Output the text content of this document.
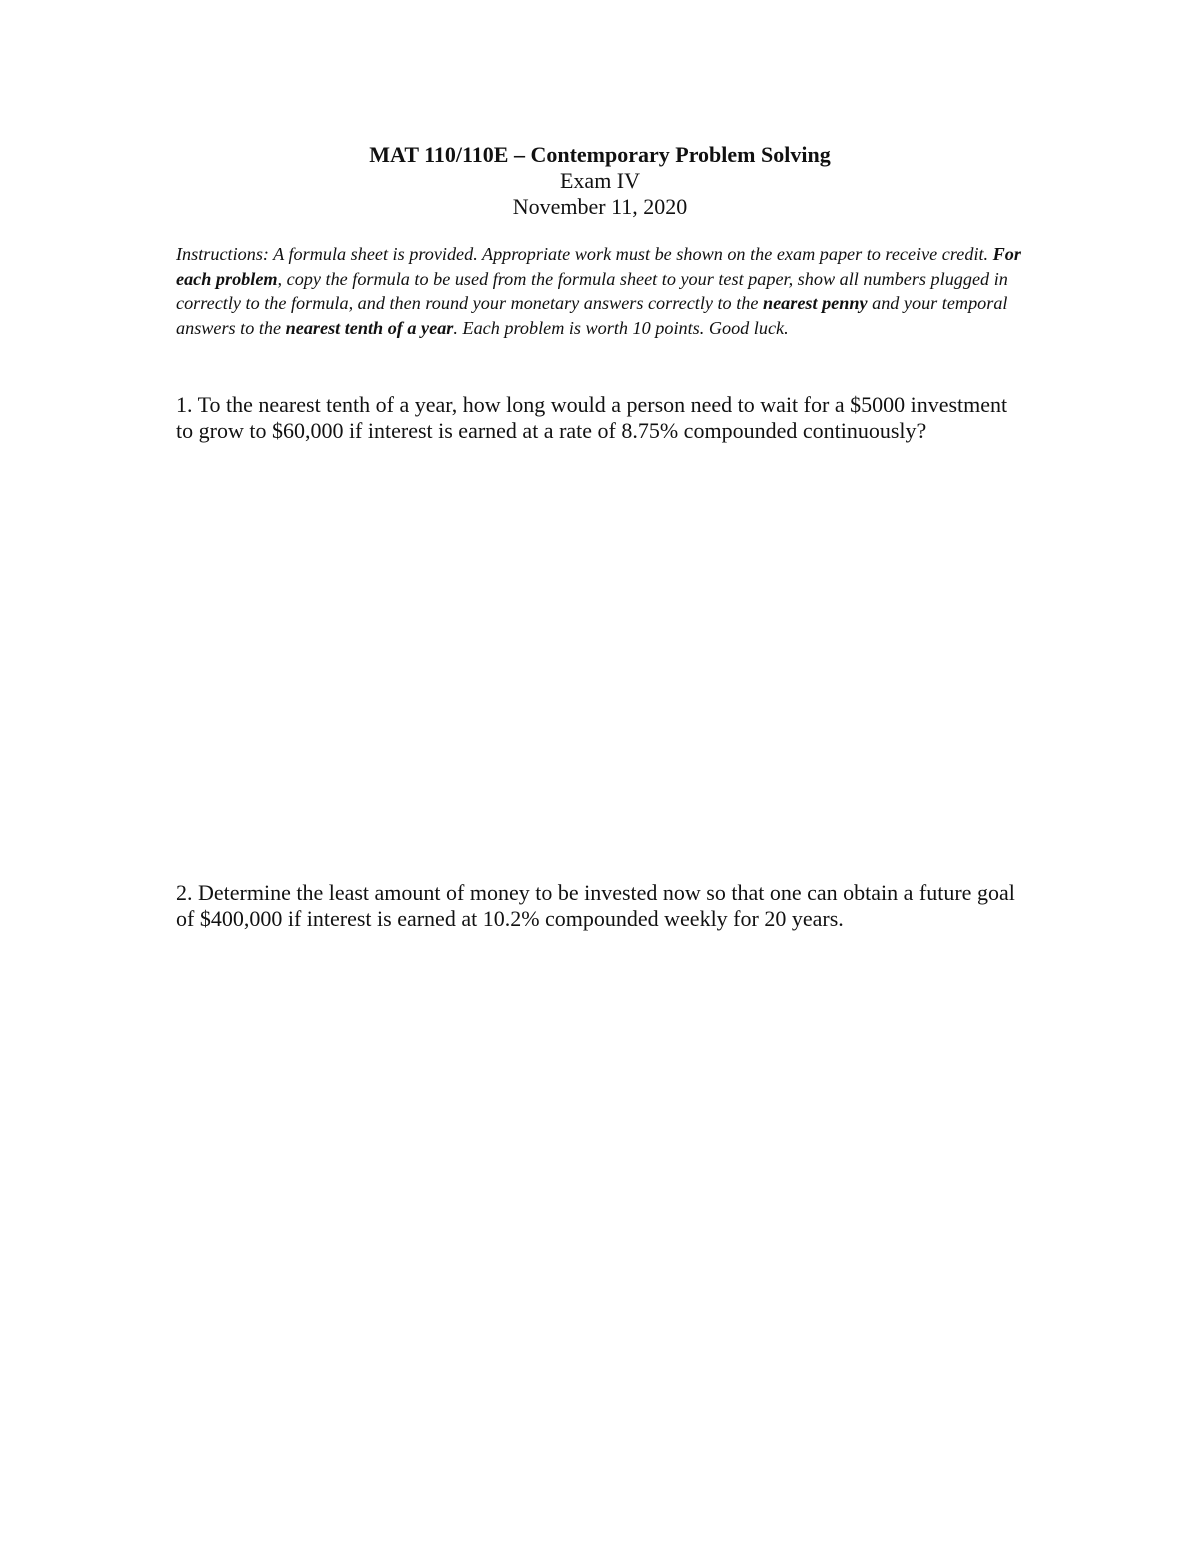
MAT 110/110E – Contemporary Problem Solving
Exam IV
November 11, 2020
Instructions: A formula sheet is provided. Appropriate work must be shown on the exam paper to receive credit. For each problem, copy the formula to be used from the formula sheet to your test paper, show all numbers plugged in correctly to the formula, and then round your monetary answers correctly to the nearest penny and your temporal answers to the nearest tenth of a year. Each problem is worth 10 points. Good luck.
1. To the nearest tenth of a year, how long would a person need to wait for a $5000 investment to grow to $60,000 if interest is earned at a rate of 8.75% compounded continuously?
2. Determine the least amount of money to be invested now so that one can obtain a future goal of $400,000 if interest is earned at 10.2% compounded weekly for 20 years.
